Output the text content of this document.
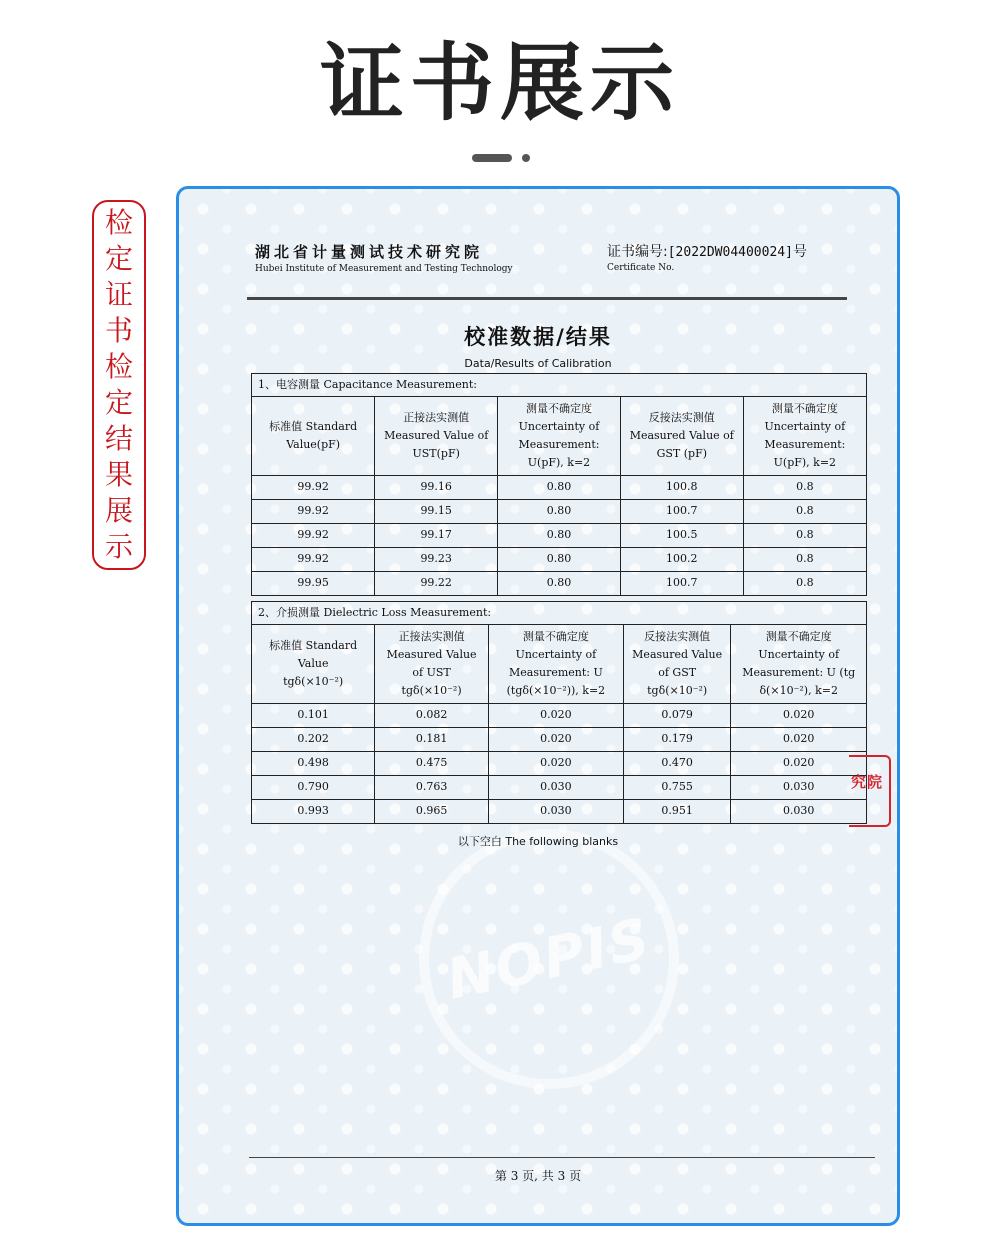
证书展示
检
定
证
书
检
定
结
果
展
示
NOPIS
湖北省计量测试技术研究院
Hubei Institute of Measurement and Testing Technology
证书编号:[2022DW04400024]号
Certificate No.
校准数据/结果
Data/Results of Calibration
1、电容测量 Capacitance Measurement:
标准值 Standard
Value(pF)	正接法实测值
Measured Value of
UST(pF)	测量不确定度
Uncertainty of
Measurement:
U(pF), k=2	反接法实测值
Measured Value of
GST (pF)	测量不确定度
Uncertainty of
Measurement:
U(pF), k=2

99.92	99.16	0.80	100.8	0.8
99.92	99.15	0.80	100.7	0.8
99.92	99.17	0.80	100.5	0.8
99.92	99.23	0.80	100.2	0.8
99.95	99.22	0.80	100.7	0.8
2、介损测量 Dielectric Loss Measurement:
标准值 Standard
Value
tgδ(×10⁻²)	正接法实测值
Measured Value
of UST
tgδ(×10⁻²)	测量不确定度
Uncertainty of
Measurement: U
(tgδ(×10⁻²)), k=2	反接法实测值
Measured Value
of GST
tgδ(×10⁻²)	测量不确定度
Uncertainty of
Measurement: U (tg
δ(×10⁻²), k=2

0.101	0.082	0.020	0.079	0.020
0.202	0.181	0.020	0.179	0.020
0.498	0.475	0.020	0.470	0.020
0.790	0.763	0.030	0.755	0.030
0.993	0.965	0.030	0.951	0.030
究院
以下空白 The following blanks
第 3 页, 共 3 页
